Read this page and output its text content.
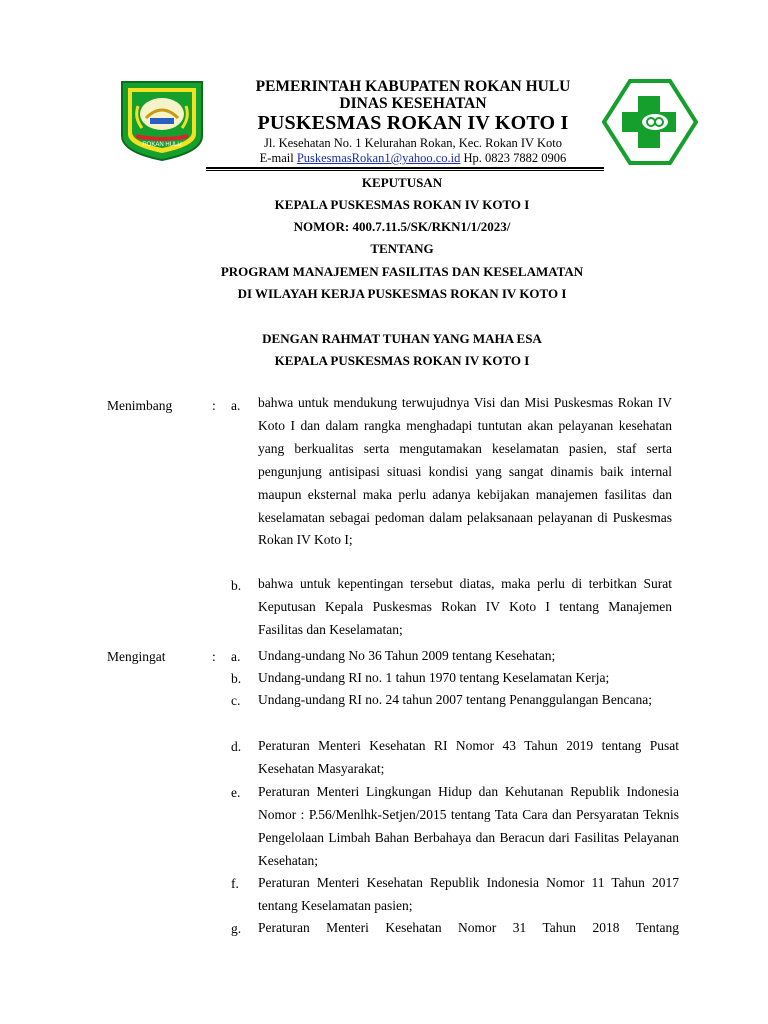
ROKAN HULU
PEMERINTAH KABUPATEN ROKAN HULU
DINAS KESEHATAN
PUSKESMAS ROKAN IV KOTO I
Jl. Kesehatan No. 1 Kelurahan Rokan, Kec. Rokan IV Koto
E-mail PuskesmasRokan1@yahoo.co.id Hp. 0823 7882 0906
KEPUTUSAN
KEPALA PUSKESMAS ROKAN IV KOTO I
NOMOR: 400.7.11.5/SK/RKN1/1/2023/
TENTANG
PROGRAM MANAJEMEN FASILITAS DAN KESELAMATAN
DI WILAYAH KERJA PUSKESMAS ROKAN IV KOTO I
DENGAN RAHMAT TUHAN YANG MAHA ESA
KEPALA PUSKESMAS ROKAN IV KOTO I
Menimbang	: a. bahwa untuk mendukung terwujudnya Visi dan Misi Puskesmas Rokan IV Koto I dan dalam rangka menghadapi tuntutan akan pelayanan kesehatan yang berkualitas serta mengutamakan keselamatan pasien, staf serta pengunjung antisipasi situasi kondisi yang sangat dinamis baik internal maupun eksternal maka perlu adanya kebijakan manajemen fasilitas dan keselamatan sebagai pedoman dalam pelaksanaan pelayanan di Puskesmas Rokan IV Koto I;
b. bahwa untuk kepentingan tersebut diatas, maka perlu di terbitkan Surat Keputusan Kepala Puskesmas Rokan IV Koto I tentang Manajemen Fasilitas dan Keselamatan;
Mengingat	: a. Undang-undang No 36 Tahun 2009 tentang Kesehatan;
b. Undang-undang RI no. 1 tahun 1970 tentang Keselamatan Kerja;
c. Undang-undang RI no. 24 tahun 2007 tentang Penanggulangan Bencana;
d. Peraturan Menteri Kesehatan RI Nomor 43 Tahun 2019 tentang Pusat Kesehatan Masyarakat;
e. Peraturan Menteri Lingkungan Hidup dan Kehutanan Republik Indonesia Nomor : P.56/Menlhk-Setjen/2015 tentang Tata Cara dan Persyaratan Teknis Pengelolaan Limbah Bahan Berbahaya dan Beracun dari Fasilitas Pelayanan Kesehatan;
f. Peraturan Menteri Kesehatan Republik Indonesia Nomor 11 Tahun 2017 tentang Keselamatan pasien;
g. Peraturan Menteri Kesehatan Nomor 31 Tahun 2018 Tentang
